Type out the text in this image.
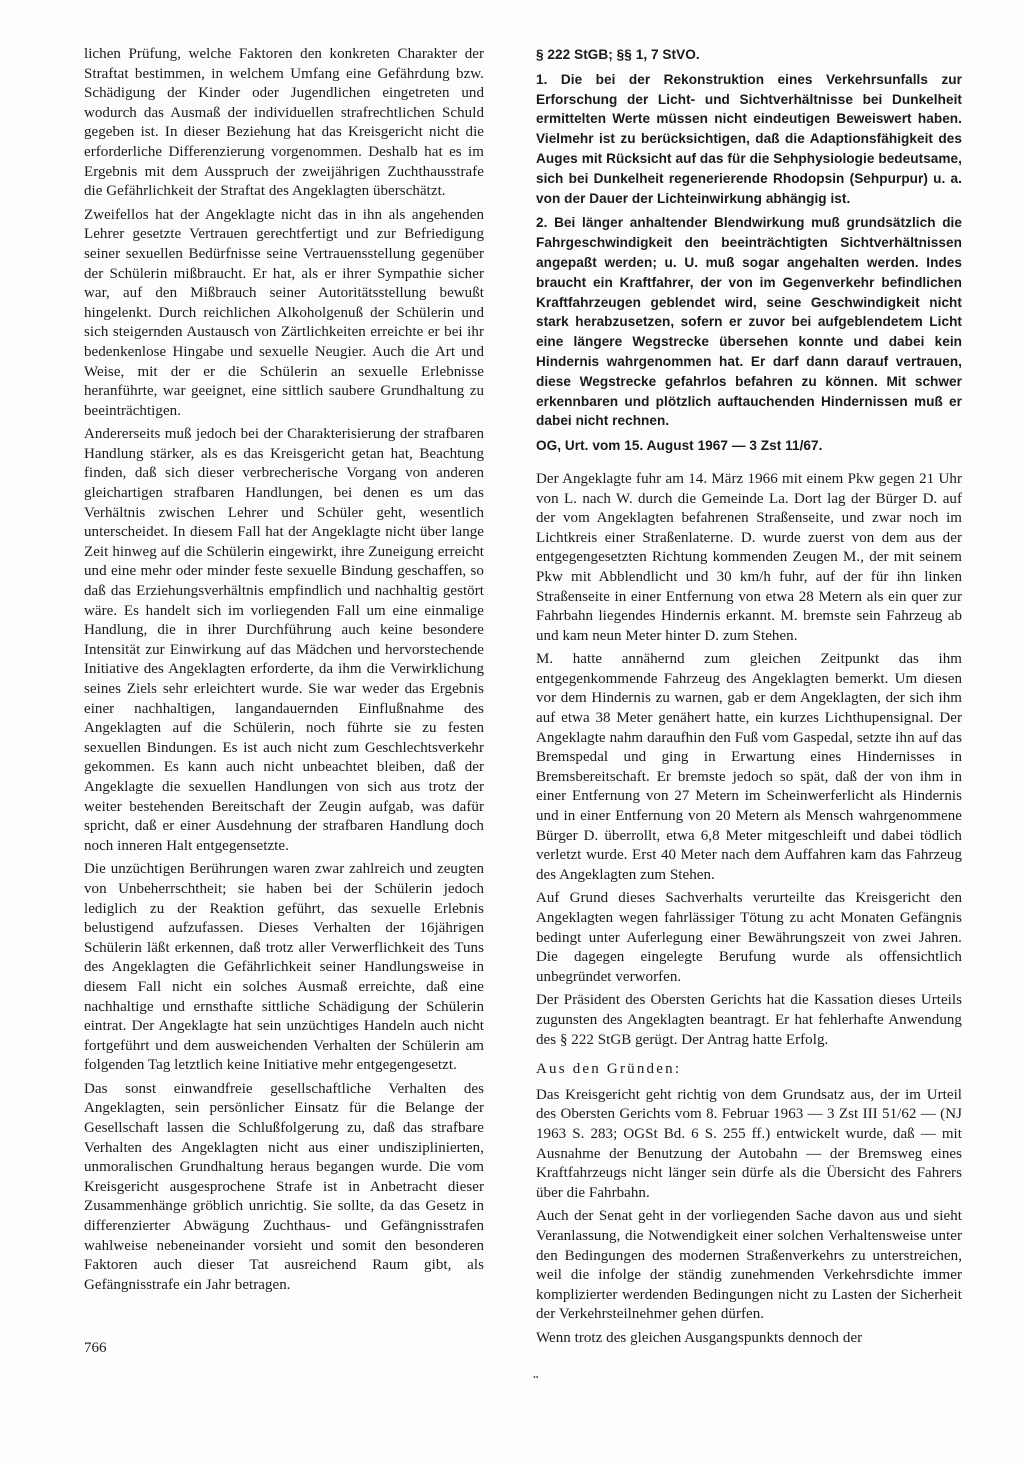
lichen Prüfung, welche Faktoren den konkreten Charakter der Straftat bestimmen, in welchem Umfang eine Gefährdung bzw. Schädigung der Kinder oder Jugendlichen eingetreten und wodurch das Ausmaß der individuellen strafrechtlichen Schuld gegeben ist. In dieser Beziehung hat das Kreisgericht nicht die erforderliche Differenzierung vorgenommen. Deshalb hat es im Ergebnis mit dem Ausspruch der zweijährigen Zuchthausstrafe die Gefährlichkeit der Straftat des Angeklagten überschätzt.

Zweifellos hat der Angeklagte nicht das in ihn als angehenden Lehrer gesetzte Vertrauen gerechtfertigt und zur Befriedigung seiner sexuellen Bedürfnisse seine Vertrauensstellung gegenüber der Schülerin mißbraucht. Er hat, als er ihrer Sympathie sicher war, auf den Mißbrauch seiner Autoritätsstellung bewußt hingelenkt. Durch reichlichen Alkoholgenuß der Schülerin und sich steigernden Austausch von Zärtlichkeiten erreichte er bei ihr bedenkenlose Hingabe und sexuelle Neugier. Auch die Art und Weise, mit der er die Schülerin an sexuelle Erlebnisse heranführte, war geeignet, eine sittlich saubere Grundhaltung zu beeinträchtigen.

Andererseits muß jedoch bei der Charakterisierung der strafbaren Handlung stärker, als es das Kreisgericht getan hat, Beachtung finden, daß sich dieser verbrecherische Vorgang von anderen gleichartigen strafbaren Handlungen, bei denen es um das Verhältnis zwischen Lehrer und Schüler geht, wesentlich unterscheidet. In diesem Fall hat der Angeklagte nicht über lange Zeit hinweg auf die Schülerin eingewirkt, ihre Zuneigung erreicht und eine mehr oder minder feste sexuelle Bindung geschaffen, so daß das Erziehungsverhältnis empfindlich und nachhaltig gestört wäre. Es handelt sich im vorliegenden Fall um eine einmalige Handlung, die in ihrer Durchführung auch keine besondere Intensität zur Einwirkung auf das Mädchen und hervorstechende Initiative des Angeklagten erforderte, da ihm die Verwirklichung seines Ziels sehr erleichtert wurde. Sie war weder das Ergebnis einer nachhaltigen, langandauernden Einflußnahme des Angeklagten auf die Schülerin, noch führte sie zu festen sexuellen Bindungen. Es ist auch nicht zum Geschlechtsverkehr gekommen. Es kann auch nicht unbeachtet bleiben, daß der Angeklagte die sexuellen Handlungen von sich aus trotz der weiter bestehenden Bereitschaft der Zeugin aufgab, was dafür spricht, daß er einer Ausdehnung der strafbaren Handlung doch noch inneren Halt entgegensetzte.

Die unzüchtigen Berührungen waren zwar zahlreich und zeugten von Unbeherrschtheit; sie haben bei der Schülerin jedoch lediglich zu der Reaktion geführt, das sexuelle Erlebnis belustigend aufzufassen. Dieses Verhalten der 16jährigen Schülerin läßt erkennen, daß trotz aller Verwerflichkeit des Tuns des Angeklagten die Gefährlichkeit seiner Handlungsweise in diesem Fall nicht ein solches Ausmaß erreichte, daß eine nachhaltige und ernsthafte sittliche Schädigung der Schülerin eintrat. Der Angeklagte hat sein unzüchtiges Handeln auch nicht fortgeführt und dem ausweichenden Verhalten der Schülerin am folgenden Tag letztlich keine Initiative mehr entgegengesetzt.

Das sonst einwandfreie gesellschaftliche Verhalten des Angeklagten, sein persönlicher Einsatz für die Belange der Gesellschaft lassen die Schlußfolgerung zu, daß das strafbare Verhalten des Angeklagten nicht aus einer undisziplinierten, unmoralischen Grundhaltung heraus begangen wurde. Die vom Kreisgericht ausgesprochene Strafe ist in Anbetracht dieser Zusammenhänge gröblich unrichtig. Sie sollte, da das Gesetz in differenzierter Abwägung Zuchthaus- und Gefängnisstrafen wahlweise nebeneinander vorsieht und somit den besonderen Faktoren auch dieser Tat ausreichend Raum gibt, als Gefängnisstrafe ein Jahr betragen.

§ 222 StGB; §§ 1, 7 StVO.

1. Die bei der Rekonstruktion eines Verkehrsunfalls zur Erforschung der Licht- und Sichtverhältnisse bei Dunkelheit ermittelten Werte müssen nicht eindeutigen Beweiswert haben. Vielmehr ist zu berücksichtigen, daß die Adaptionsfähigkeit des Auges mit Rücksicht auf das für die Sehphysiologie bedeutsame, sich bei Dunkelheit regenerierende Rhodopsin (Sehpurpur) u. a. von der Dauer der Lichteinwirkung abhängig ist.

2. Bei länger anhaltender Blendwirkung muß grundsätzlich die Fahrgeschwindigkeit den beeinträchtigten Sichtverhältnissen angepaßt werden; u. U. muß sogar angehalten werden. Indes braucht ein Kraftfahrer, der von im Gegenverkehr befindlichen Kraftfahrzeugen geblendet wird, seine Geschwindigkeit nicht stark herabzusetzen, sofern er zuvor bei aufgeblendetem Licht eine längere Wegstrecke übersehen konnte und dabei kein Hindernis wahrgenommen hat. Er darf dann darauf vertrauen, diese Wegstrecke gefahrlos befahren zu können. Mit schwer erkennbaren und plötzlich auftauchenden Hindernissen muß er dabei nicht rechnen.

OG, Urt. vom 15. August 1967 — 3 Zst 11/67.

Der Angeklagte fuhr am 14. März 1966 mit einem Pkw gegen 21 Uhr von L. nach W. durch die Gemeinde La. Dort lag der Bürger D. auf der vom Angeklagten befahrenen Straßenseite, und zwar noch im Lichtkreis einer Straßenlaterne. D. wurde zuerst von dem aus der entgegengesetzten Richtung kommenden Zeugen M., der mit seinem Pkw mit Abblendlicht und 30 km/h fuhr, auf der für ihn linken Straßenseite in einer Entfernung von etwa 28 Metern als ein quer zur Fahrbahn liegendes Hindernis erkannt. M. bremste sein Fahrzeug ab und kam neun Meter hinter D. zum Stehen.

M. hatte annähernd zum gleichen Zeitpunkt das ihm entgegenkommende Fahrzeug des Angeklagten bemerkt. Um diesen vor dem Hindernis zu warnen, gab er dem Angeklagten, der sich ihm auf etwa 38 Meter genähert hatte, ein kurzes Lichthupensignal. Der Angeklagte nahm daraufhin den Fuß vom Gaspedal, setzte ihn auf das Bremspedal und ging in Erwartung eines Hindernisses in Bremsbereitschaft. Er bremste jedoch so spät, daß der von ihm in einer Entfernung von 27 Metern im Scheinwerferlicht als Hindernis und in einer Entfernung von 20 Metern als Mensch wahrgenommene Bürger D. überrollt, etwa 6,8 Meter mitgeschleift und dabei tödlich verletzt wurde. Erst 40 Meter nach dem Auffahren kam das Fahrzeug des Angeklagten zum Stehen.

Auf Grund dieses Sachverhalts verurteilte das Kreisgericht den Angeklagten wegen fahrlässiger Tötung zu acht Monaten Gefängnis bedingt unter Auferlegung einer Bewährungszeit von zwei Jahren. Die dagegen eingelegte Berufung wurde als offensichtlich unbegründet verworfen.

Der Präsident des Obersten Gerichts hat die Kassation dieses Urteils zugunsten des Angeklagten beantragt. Er hat fehlerhafte Anwendung des § 222 StGB gerügt. Der Antrag hatte Erfolg.

Aus den Gründen:

Das Kreisgericht geht richtig von dem Grundsatz aus, der im Urteil des Obersten Gerichts vom 8. Februar 1963 — 3 Zst III 51/62 — (NJ 1963 S. 283; OGSt Bd. 6 S. 255 ff.) entwickelt wurde, daß — mit Ausnahme der Benutzung der Autobahn — der Bremsweg eines Kraftfahrzeugs nicht länger sein dürfe als die Übersicht des Fahrers über die Fahrbahn.

Auch der Senat geht in der vorliegenden Sache davon aus und sieht Veranlassung, die Notwendigkeit einer solchen Verhaltensweise unter den Bedingungen des modernen Straßenverkehrs zu unterstreichen, weil die infolge der ständig zunehmenden Verkehrsdichte immer komplizierter werdenden Bedingungen nicht zu Lasten der Sicherheit der Verkehrsteilnehmer gehen dürfen.

Wenn trotz des gleichen Ausgangspunkts dennoch der

766
••
